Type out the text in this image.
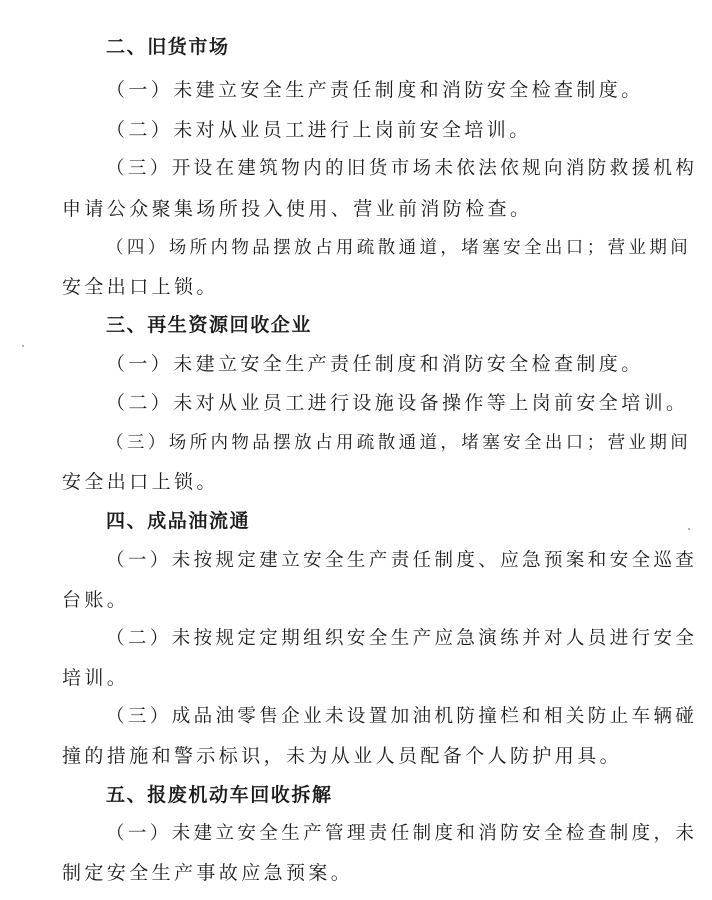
二、旧货市场
（一）未建立安全生产责任制度和消防安全检查制度。
（二）未对从业员工进行上岗前安全培训。
（三）开设在建筑物内的旧货市场未依法依规向消防救援机构
申请公众聚集场所投入使用、营业前消防检查。
（四）场所内物品摆放占用疏散通道，堵塞安全出口；营业期间
安全出口上锁。
三、再生资源回收企业
（一）未建立安全生产责任制度和消防安全检查制度。
（二）未对从业员工进行设施设备操作等上岗前安全培训。
（三）场所内物品摆放占用疏散通道，堵塞安全出口；营业期间
安全出口上锁。
四、成品油流通
（一）未按规定建立安全生产责任制度、应急预案和安全巡查
台账。
（二）未按规定定期组织安全生产应急演练并对人员进行安全
培训。
（三）成品油零售企业未设置加油机防撞栏和相关防止车辆碰
撞的措施和警示标识，未为从业人员配备个人防护用具。
五、报废机动车回收拆解
（一）未建立安全生产管理责任制度和消防安全检查制度，未
制定安全生产事故应急预案。
